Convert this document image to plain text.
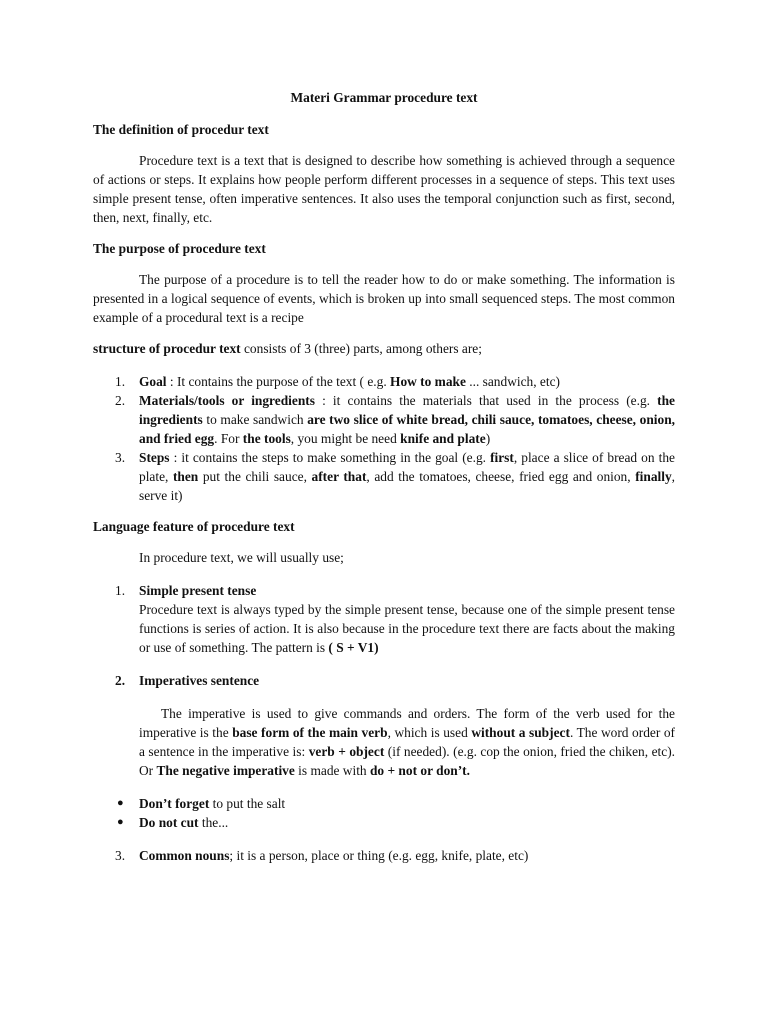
Materi Grammar procedure text
The definition of procedur text

Procedure text is a text that is designed to describe how something is achieved through a sequence of actions or steps. It explains how people perform different processes in a sequence of steps. This text uses simple present tense, often imperative sentences. It also uses the temporal conjunction such as first, second, then, next, finally, etc.

The purpose of procedure text

The purpose of a procedure is to tell the reader how to do or make something. The information is presented in a logical sequence of events, which is broken up into small sequenced steps. The most common example of a procedural text is a recipe

structure of procedur text consists of 3 (three) parts, among others are;

1. Goal : It contains the purpose of the text ( e.g. How to make ... sandwich, etc)
2. Materials/tools or ingredients : it contains the materials that used in the process (e.g. the ingredients to make sandwich are two slice of white bread, chili sauce, tomatoes, cheese, onion, and fried egg. For the tools, you might be need knife and plate)
3. Steps : it contains the steps to make something in the goal (e.g. first, place a slice of bread on the plate, then put the chili sauce, after that, add the tomatoes, cheese, fried egg and onion, finally, serve it)
Language feature of procedure text

In procedure text, we will usually use;

1. Simple present tense
Procedure text is always typed by the simple present tense, because one of the simple present tense functions is series of action. It is also because in the procedure text there are facts about the making or use of something. The pattern is ( S + V1)
2. Imperatives sentence
The imperative is used to give commands and orders. The form of the verb used for the imperative is the base form of the main verb, which is used without a subject. The word order of a sentence in the imperative is: verb + object (if needed). (e.g. cop the onion, fried the chiken, etc). Or The negative imperative is made with do + not or don’t.
● Don’t forget to put the salt
● Do not cut the...
3. Common nouns; it is a person, place or thing (e.g. egg, knife, plate, etc)
